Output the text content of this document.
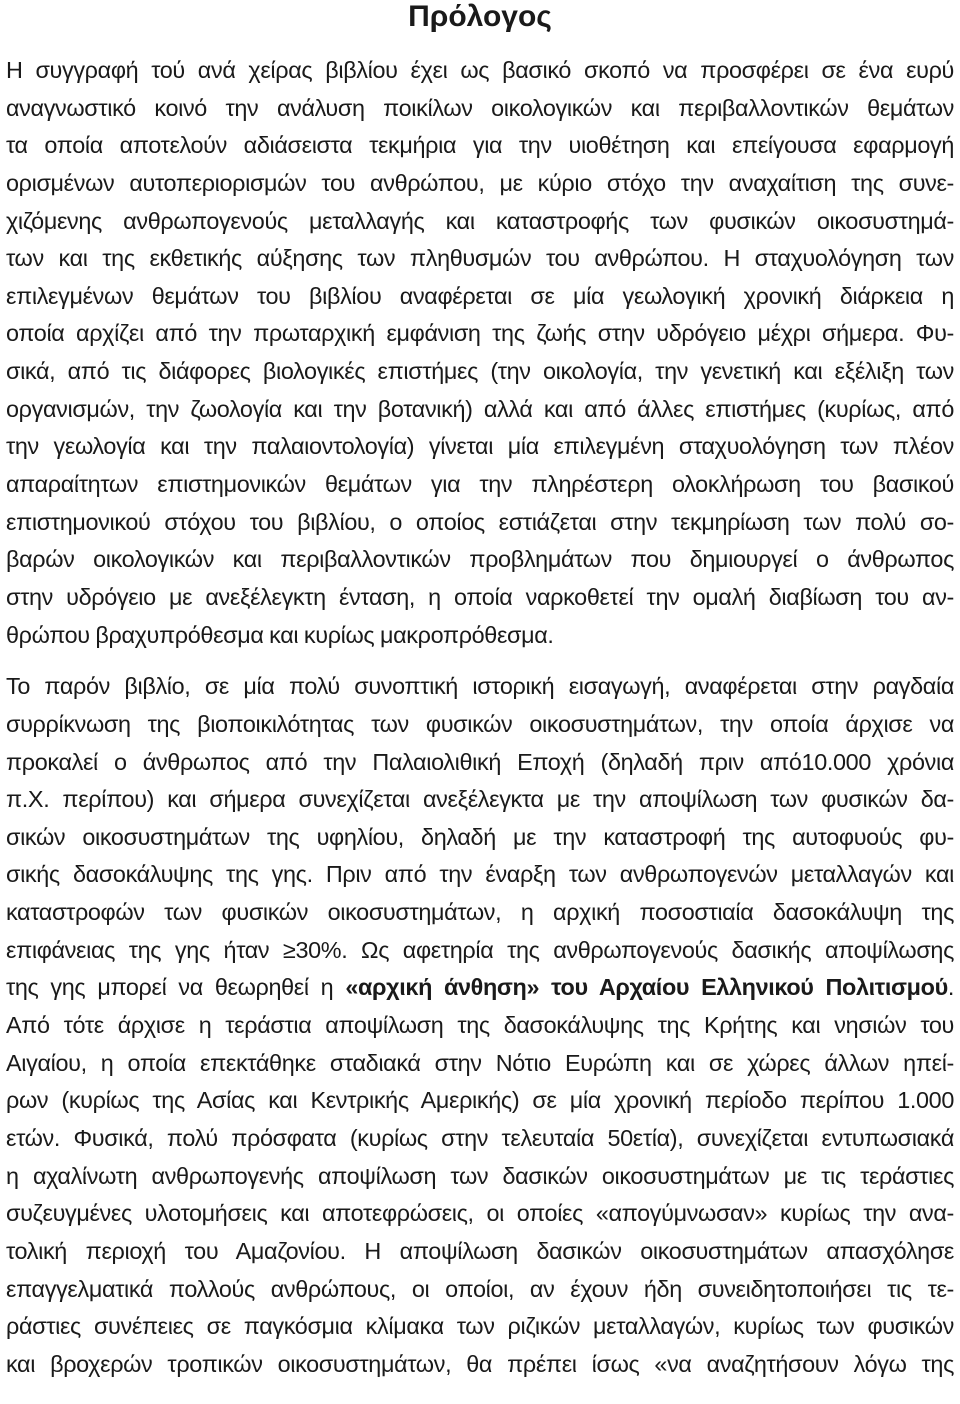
Πρόλογος
Η συγγραφή τού ανά χείρας βιβλίου έχει ως βασικό σκοπό να προσφέρει σε ένα ευρύ
αναγνωστικό κοινό την ανάλυση ποικίλων οικολογικών και περιβαλλοντικών θεμάτων
τα οποία αποτελούν αδιάσειστα τεκμήρια για την υιοθέτηση και επείγουσα εφαρμογή
ορισμένων αυτοπεριορισμών του ανθρώπου, με κύριο στόχο την αναχαίτιση της συνε-
χιζόμενης ανθρωπογενούς μεταλλαγής και καταστροφής των φυσικών οικοσυστημά-
των και της εκθετικής αύξησης των πληθυσμών του ανθρώπου. Η σταχυολόγηση των
επιλεγμένων θεμάτων του βιβλίου αναφέρεται σε μία γεωλογική χρονική διάρκεια η
οποία αρχίζει από την πρωταρχική εμφάνιση της ζωής στην υδρόγειο μέχρι σήμερα. Φυ-
σικά, από τις διάφορες βιολογικές επιστήμες (την οικολογία, την γενετική και εξέλιξη των
οργανισμών, την ζωολογία και την βοτανική) αλλά και από άλλες επιστήμες (κυρίως, από
την γεωλογία και την παλαιοντολογία) γίνεται μία επιλεγμένη σταχυολόγηση των πλέον
απαραίτητων επιστημονικών θεμάτων για την πληρέστερη ολοκλήρωση του βασικού
επιστημονικού στόχου του βιβλίου, ο οποίος εστιάζεται στην τεκμηρίωση των πολύ σο-
βαρών οικολογικών και περιβαλλοντικών προβλημάτων που δημιουργεί ο άνθρωπος
στην υδρόγειο με ανεξέλεγκτη ένταση, η οποία ναρκοθετεί την ομαλή διαβίωση του αν-
θρώπου βραχυπρόθεσμα και κυρίως μακροπρόθεσμα.
Το παρόν βιβλίο, σε μία πολύ συνοπτική ιστορική εισαγωγή, αναφέρεται στην ραγδαία
συρρίκνωση της βιοποικιλότητας των φυσικών οικοσυστημάτων, την οποία άρχισε να
προκαλεί ο άνθρωπος από την Παλαιολιθική Εποχή (δηλαδή πριν από10.000 χρόνια
π.Χ. περίπου) και σήμερα συνεχίζεται ανεξέλεγκτα με την αποψίλωση των φυσικών δα-
σικών οικοσυστημάτων της υφηλίου, δηλαδή με την καταστροφή της αυτοφυούς φυ-
σικής δασοκάλυψης της γης. Πριν από την έναρξη των ανθρωπογενών μεταλλαγών και
καταστροφών των φυσικών οικοσυστημάτων, η αρχική ποσοστιαία δασοκάλυψη της
επιφάνειας της γης ήταν ≥30%. Ως αφετηρία της ανθρωπογενούς δασικής αποψίλωσης
της γης μπορεί να θεωρηθεί η «αρχική άνθηση» του Αρχαίου Ελληνικού Πολιτισμού.
Από τότε άρχισε η τεράστια αποψίλωση της δασοκάλυψης της Κρήτης και νησιών του
Αιγαίου, η οποία επεκτάθηκε σταδιακά στην Νότιο Ευρώπη και σε χώρες άλλων ηπεί-
ρων (κυρίως της Ασίας και Κεντρικής Αμερικής) σε μία χρονική περίοδο περίπου 1.000
ετών. Φυσικά, πολύ πρόσφατα (κυρίως στην τελευταία 50ετία), συνεχίζεται εντυπωσιακά
η αχαλίνωτη ανθρωπογενής αποψίλωση των δασικών οικοσυστημάτων με τις τεράστιες
συζευγμένες υλοτομήσεις και αποτεφρώσεις, οι οποίες «απογύμνωσαν» κυρίως την ανα-
τολική περιοχή του Αμαζονίου. Η αποψίλωση δασικών οικοσυστημάτων απασχόλησε
επαγγελματικά πολλούς ανθρώπους, οι οποίοι, αν έχουν ήδη συνειδητοποιήσει τις τε-
ράστιες συνέπειες σε παγκόσμια κλίμακα των ριζικών μεταλλαγών, κυρίως των φυσικών
και βροχερών τροπικών οικοσυστημάτων, θα πρέπει ίσως «να αναζητήσουν λόγω της
